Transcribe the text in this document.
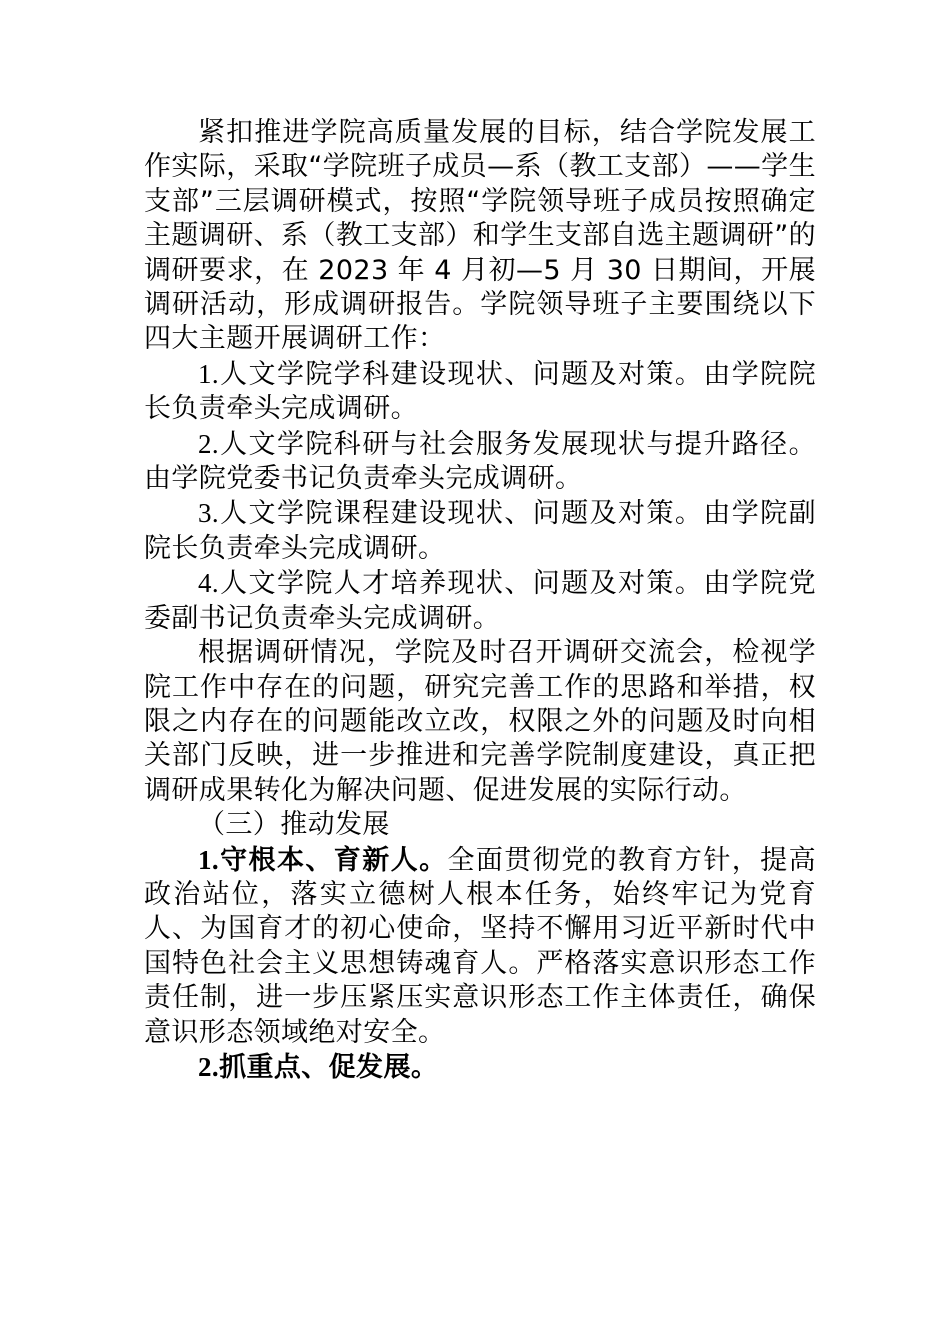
紧扣推进学院高质量发展的目标，结合学院发展工作实际，采取“学院班子成员—系（教工支部）——学生支部”三层调研模式，按照“学院领导班子成员按照确定主题调研、系（教工支部）和学生支部自选主题调研”的调研要求，在 2023 年 4 月初—5 月 30 日期间，开展调研活动，形成调研报告。学院领导班子主要围绕以下四大主题开展调研工作：

1.人文学院学科建设现状、问题及对策。由学院院长负责牵头完成调研。

2.人文学院科研与社会服务发展现状与提升路径。由学院党委书记负责牵头完成调研。

3.人文学院课程建设现状、问题及对策。由学院副院长负责牵头完成调研。

4.人文学院人才培养现状、问题及对策。由学院党委副书记负责牵头完成调研。

根据调研情况，学院及时召开调研交流会，检视学院工作中存在的问题，研究完善工作的思路和举措，权限之内存在的问题能改立改，权限之外的问题及时向相关部门反映，进一步推进和完善学院制度建设，真正把调研成果转化为解决问题、促进发展的实际行动。

（三）推动发展

1.守根本、育新人。全面贯彻党的教育方针，提高政治站位，落实立德树人根本任务，始终牢记为党育人、为国育才的初心使命，坚持不懈用习近平新时代中国特色社会主义思想铸魂育人。严格落实意识形态工作责任制，进一步压紧压实意识形态工作主体责任，确保意识形态领域绝对安全。

2.抓重点、促发展。
